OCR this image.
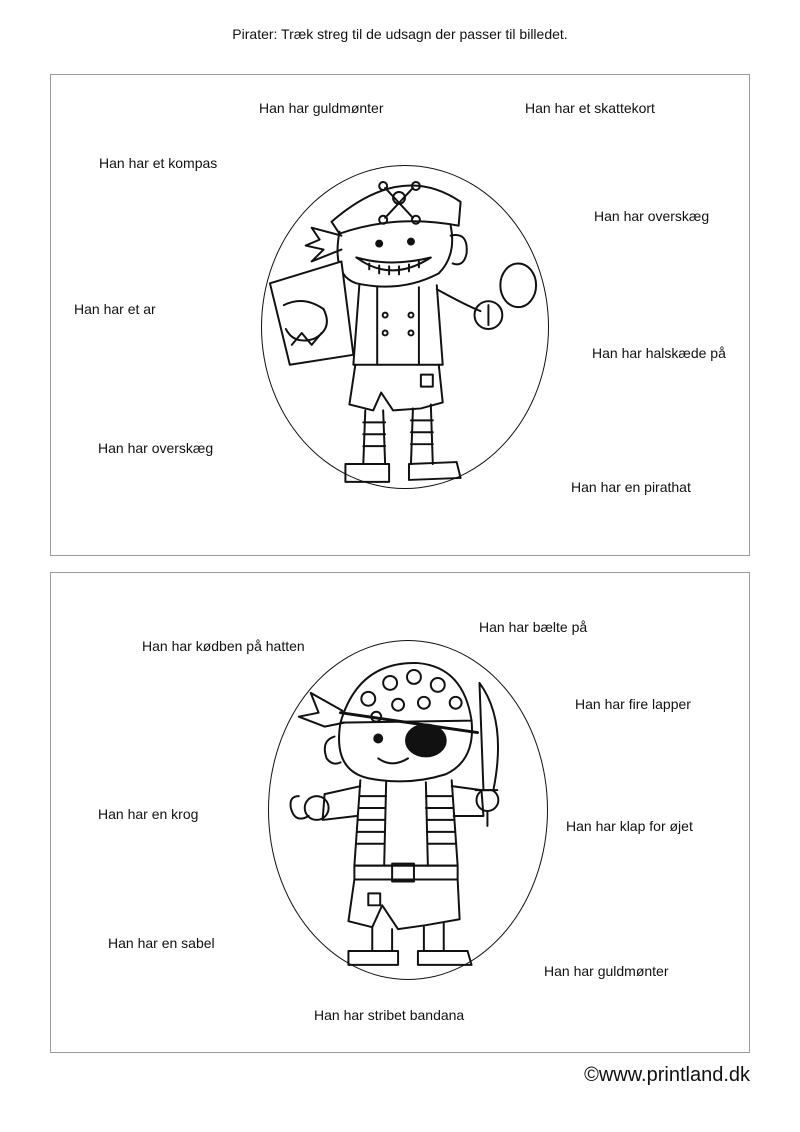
Pirater: Træk streg til de udsagn der passer til billedet.
Han har guldmønter	Han har et skattekort
Han har et kompas
Han har overskæg
Han har et ar
Han har halskæde på
Han har overskæg
Han har en pirathat
Han har bælte på
Han har kødben på hatten
Han har fire lapper
Han har en krog
Han har klap for øjet
Han har en sabel
Han har guldmønter
Han har stribet bandana
©www.printland.dk
